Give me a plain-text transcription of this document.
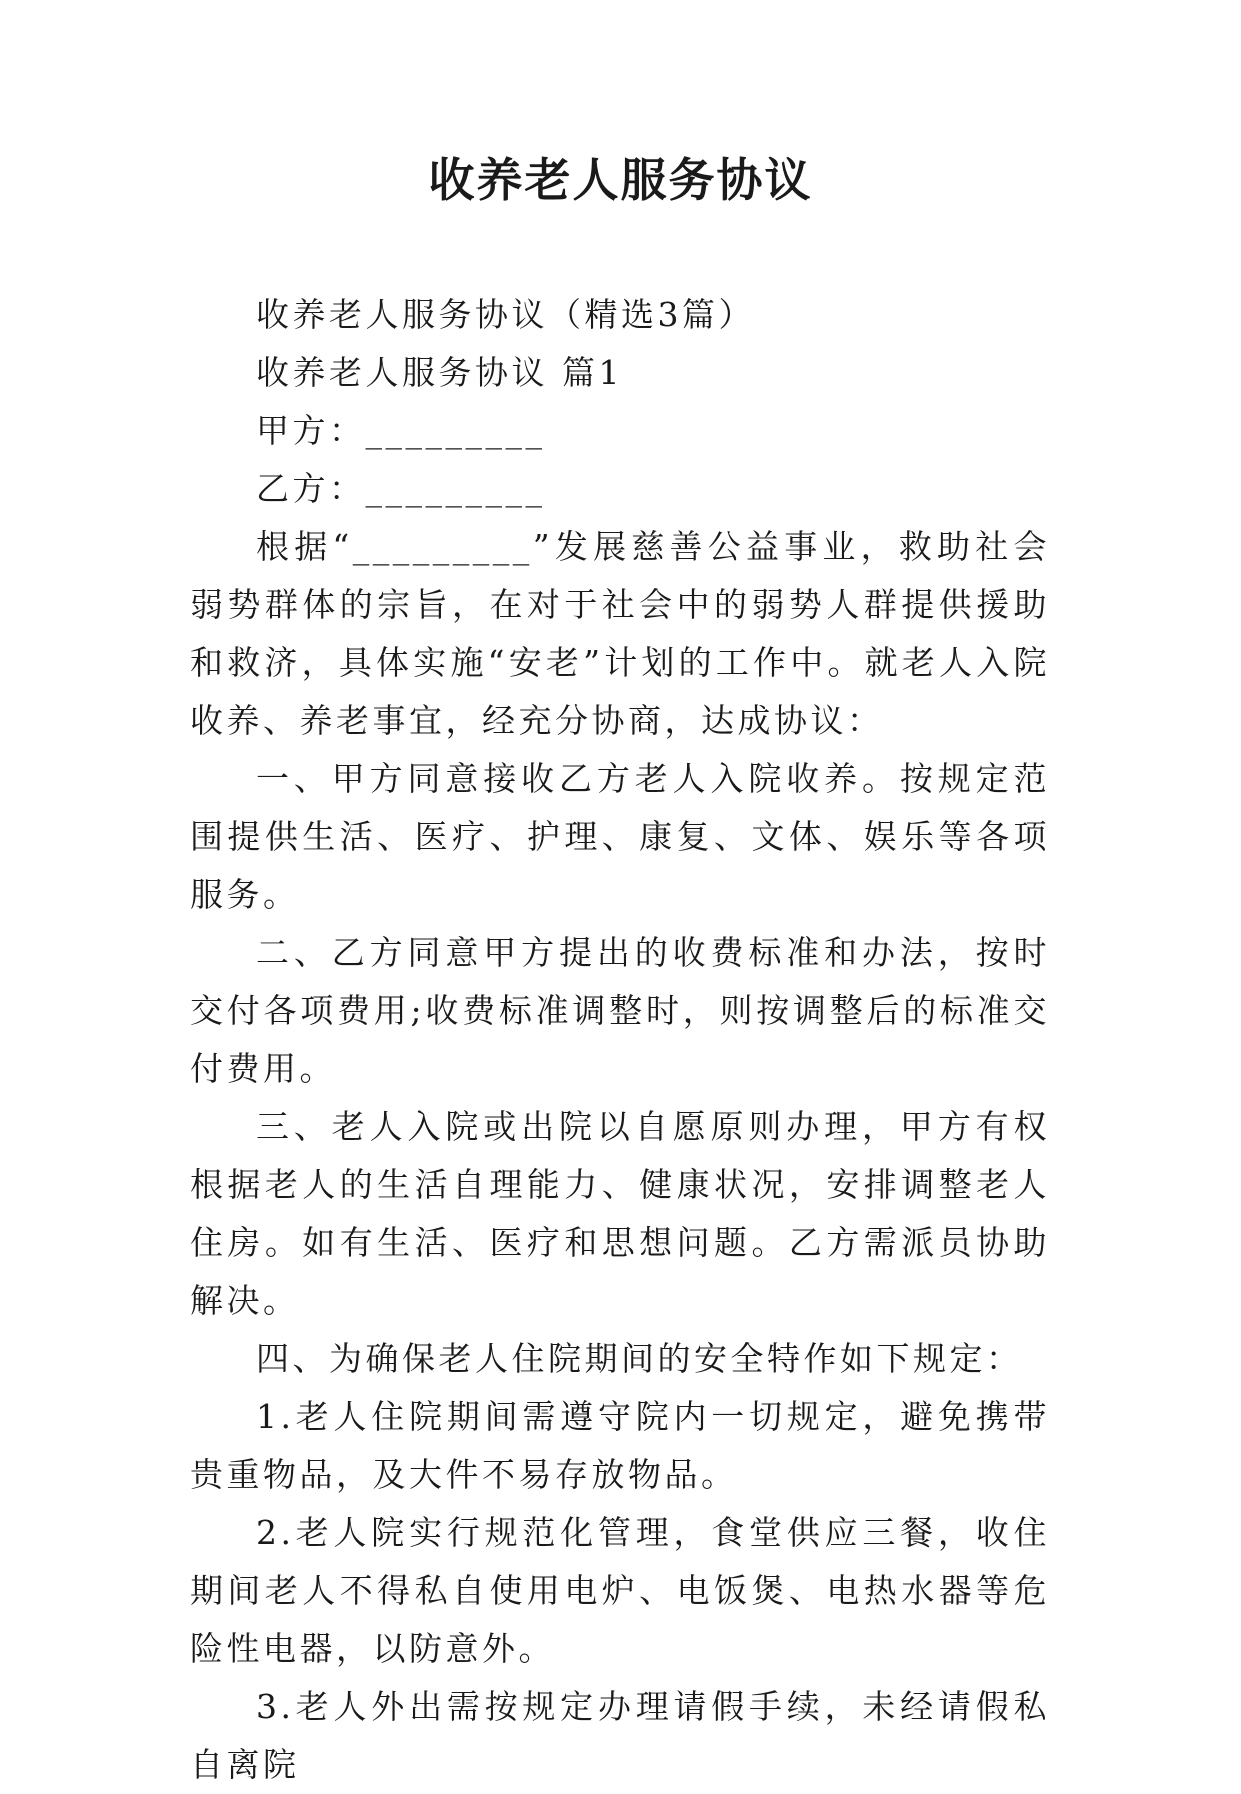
收养老人服务协议

收养老人服务协议（精选3篇）

收养老人服务协议 篇1

甲方：_________

乙方：_________

根据“_________”发展慈善公益事业，救助社会弱势群体的宗旨，在对于社会中的弱势人群提供援助和救济，具体实施“安老”计划的工作中。就老人入院收养、养老事宜，经充分协商，达成协议：

一、甲方同意接收乙方老人入院收养。按规定范围提供生活、医疗、护理、康复、文体、娱乐等各项服务。

二、乙方同意甲方提出的收费标准和办法，按时交付各项费用;收费标准调整时，则按调整后的标准交付费用。

三、老人入院或出院以自愿原则办理，甲方有权根据老人的生活自理能力、健康状况，安排调整老人住房。如有生活、医疗和思想问题。乙方需派员协助解决。

四、为确保老人住院期间的安全特作如下规定：

1.老人住院期间需遵守院内一切规定，避免携带贵重物品，及大件不易存放物品。

2.老人院实行规范化管理，食堂供应三餐，收住期间老人不得私自使用电炉、电饭煲、电热水器等危险性电器，以防意外。

3.老人外出需按规定办理请假手续，未经请假私自离院
